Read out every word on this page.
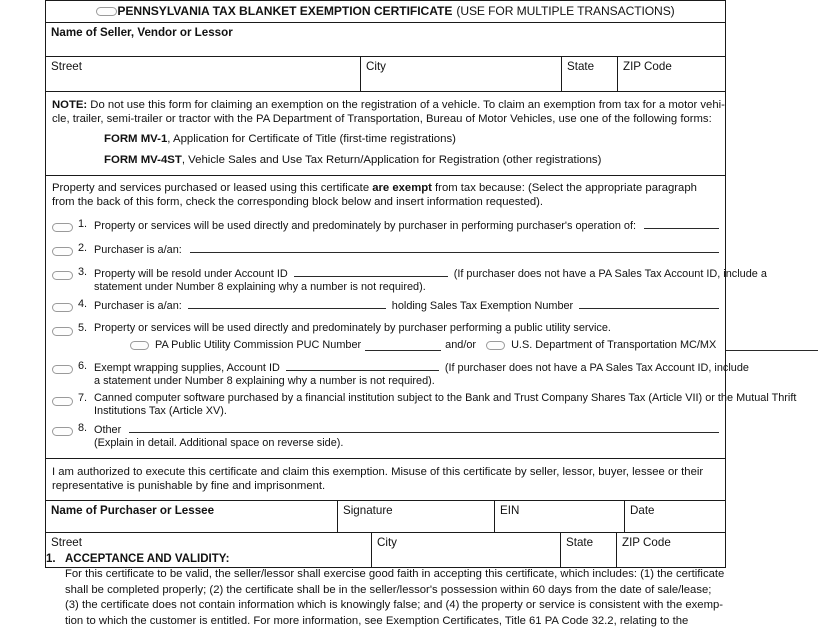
PENNSYLVANIA TAX BLANKET EXEMPTION CERTIFICATE (USE FOR MULTIPLE TRANSACTIONS)
Name of Seller, Vendor or Lessor
Street	City	State	ZIP Code
NOTE: Do not use this form for claiming an exemption on the registration of a vehicle. To claim an exemption from tax for a motor vehi-
cle, trailer, semi-trailer or tractor with the PA Department of Transportation, Bureau of Motor Vehicles, use one of the following forms:
FORM MV-1, Application for Certificate of Title (first-time registrations)
FORM MV-4ST, Vehicle Sales and Use Tax Return/Application for Registration (other registrations)
Property and services purchased or leased using this certificate are exempt from tax because: (Select the appropriate paragraph
from the back of this form, check the corresponding block below and insert information requested).
1. Property or services will be used directly and predominately by purchaser in performing purchaser's operation of:
2. Purchaser is a/an:
3. Property will be resold under Account ID	(If purchaser does not have a PA Sales Tax Account ID, include a
statement under Number 8 explaining why a number is not required).
4. Purchaser is a/an:	holding Sales Tax Exemption Number
5. Property or services will be used directly and predominately by purchaser performing a public utility service.
PA Public Utility Commission PUC Number	and/or	U.S. Department of Transportation MC/MX
6. Exempt wrapping supplies, Account ID	(If purchaser does not have a PA Sales Tax Account ID, include
a statement under Number 8 explaining why a number is not required).
7. Canned computer software purchased by a financial institution subject to the Bank and Trust Company Shares Tax (Article VII) or the Mutual Thrift
Institutions Tax (Article XV).
8. Other
(Explain in detail. Additional space on reverse side).
I am authorized to execute this certificate and claim this exemption. Misuse of this certificate by seller, lessor, buyer, lessee or their
representative is punishable by fine and imprisonment.
Name of Purchaser or Lessee	Signature	EIN	Date
Street	City	State	ZIP Code
1. ACCEPTANCE AND VALIDITY:
For this certificate to be valid, the seller/lessor shall exercise good faith in accepting this certificate, which includes: (1) the certificate
shall be completed properly; (2) the certificate shall be in the seller/lessor's possession within 60 days from the date of sale/lease;
(3) the certificate does not contain information which is knowingly false; and (4) the property or service is consistent with the exemp-
tion to which the customer is entitled. For more information, see Exemption Certificates, Title 61 PA Code 32.2, relating to the
